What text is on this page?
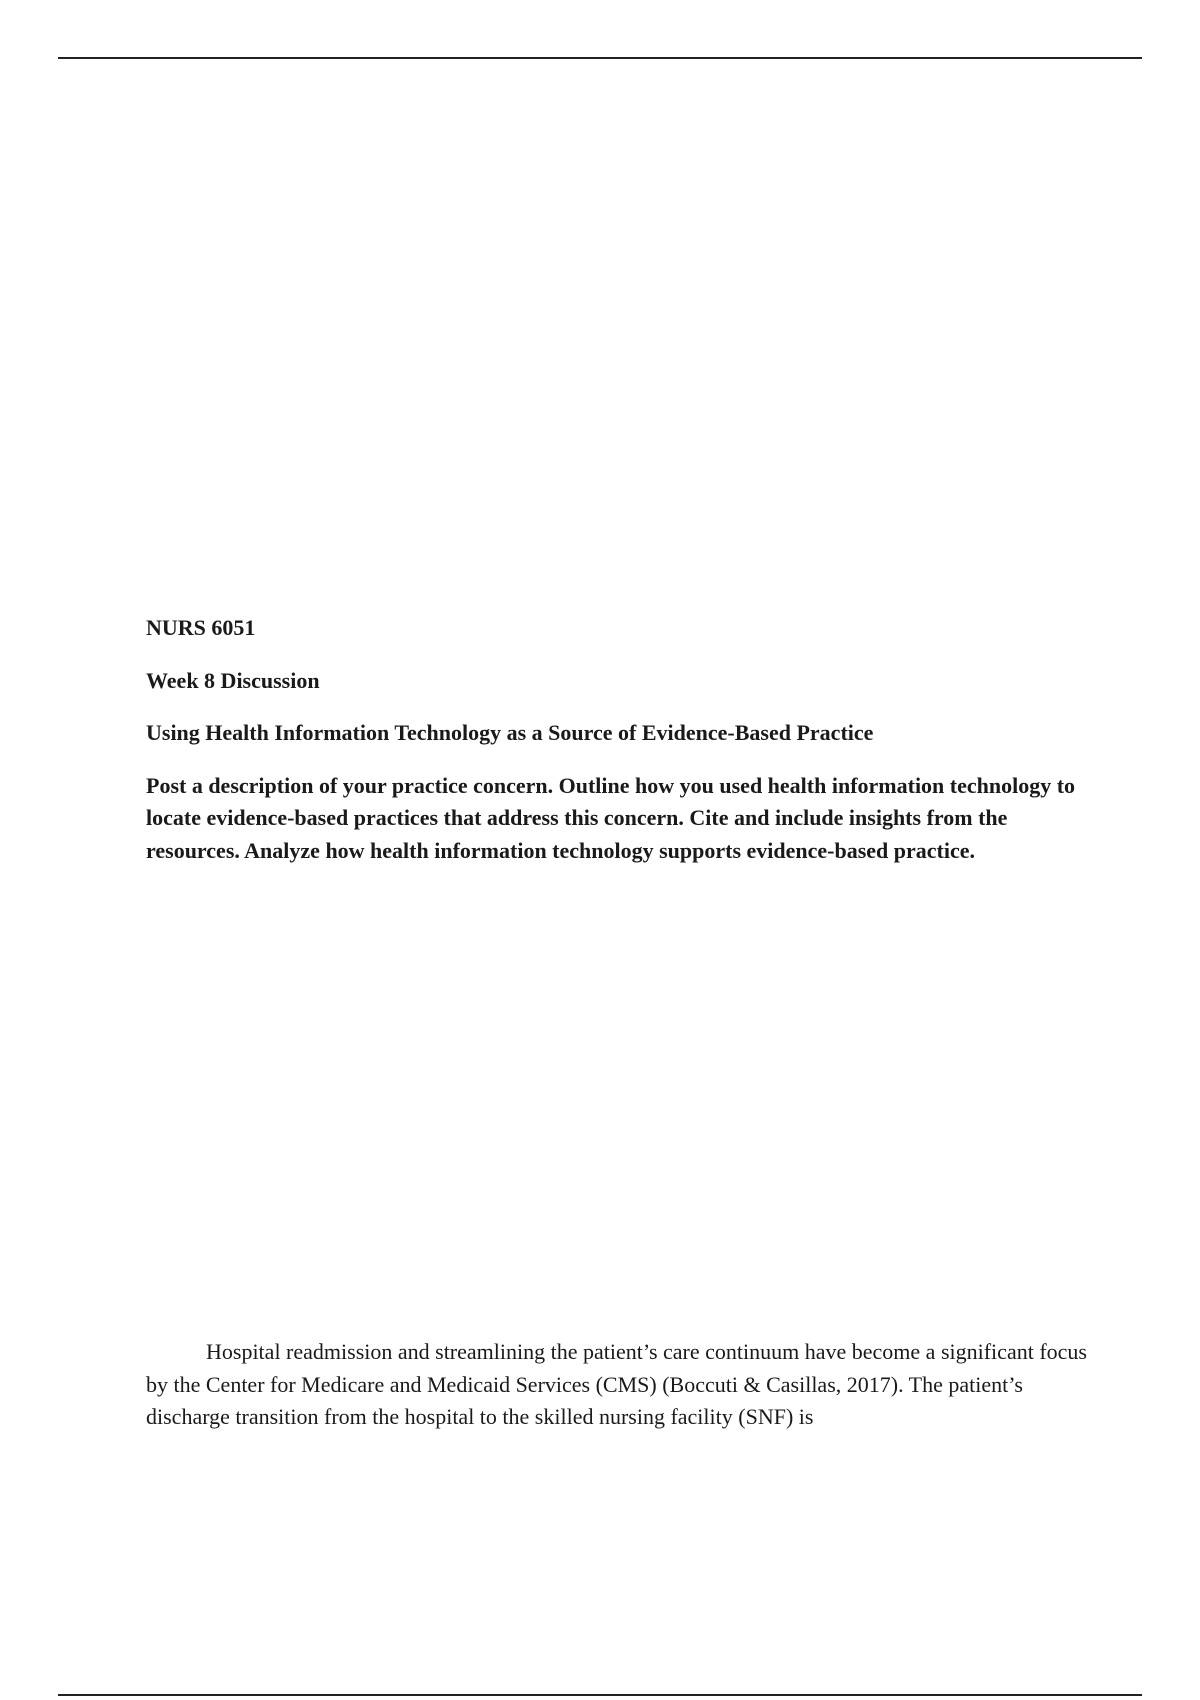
NURS 6051

Week 8 Discussion

Using Health Information Technology as a Source of Evidence-Based Practice

Post a description of your practice concern. Outline how you used health information technology to locate evidence-based practices that address this concern. Cite and include insights from the resources. Analyze how health information technology supports evidence-based practice.

Hospital readmission and streamlining the patient’s care continuum have become a significant focus by the Center for Medicare and Medicaid Services (CMS) (Boccuti & Casillas, 2017). The patient’s discharge transition from the hospital to the skilled nursing facility (SNF) is
